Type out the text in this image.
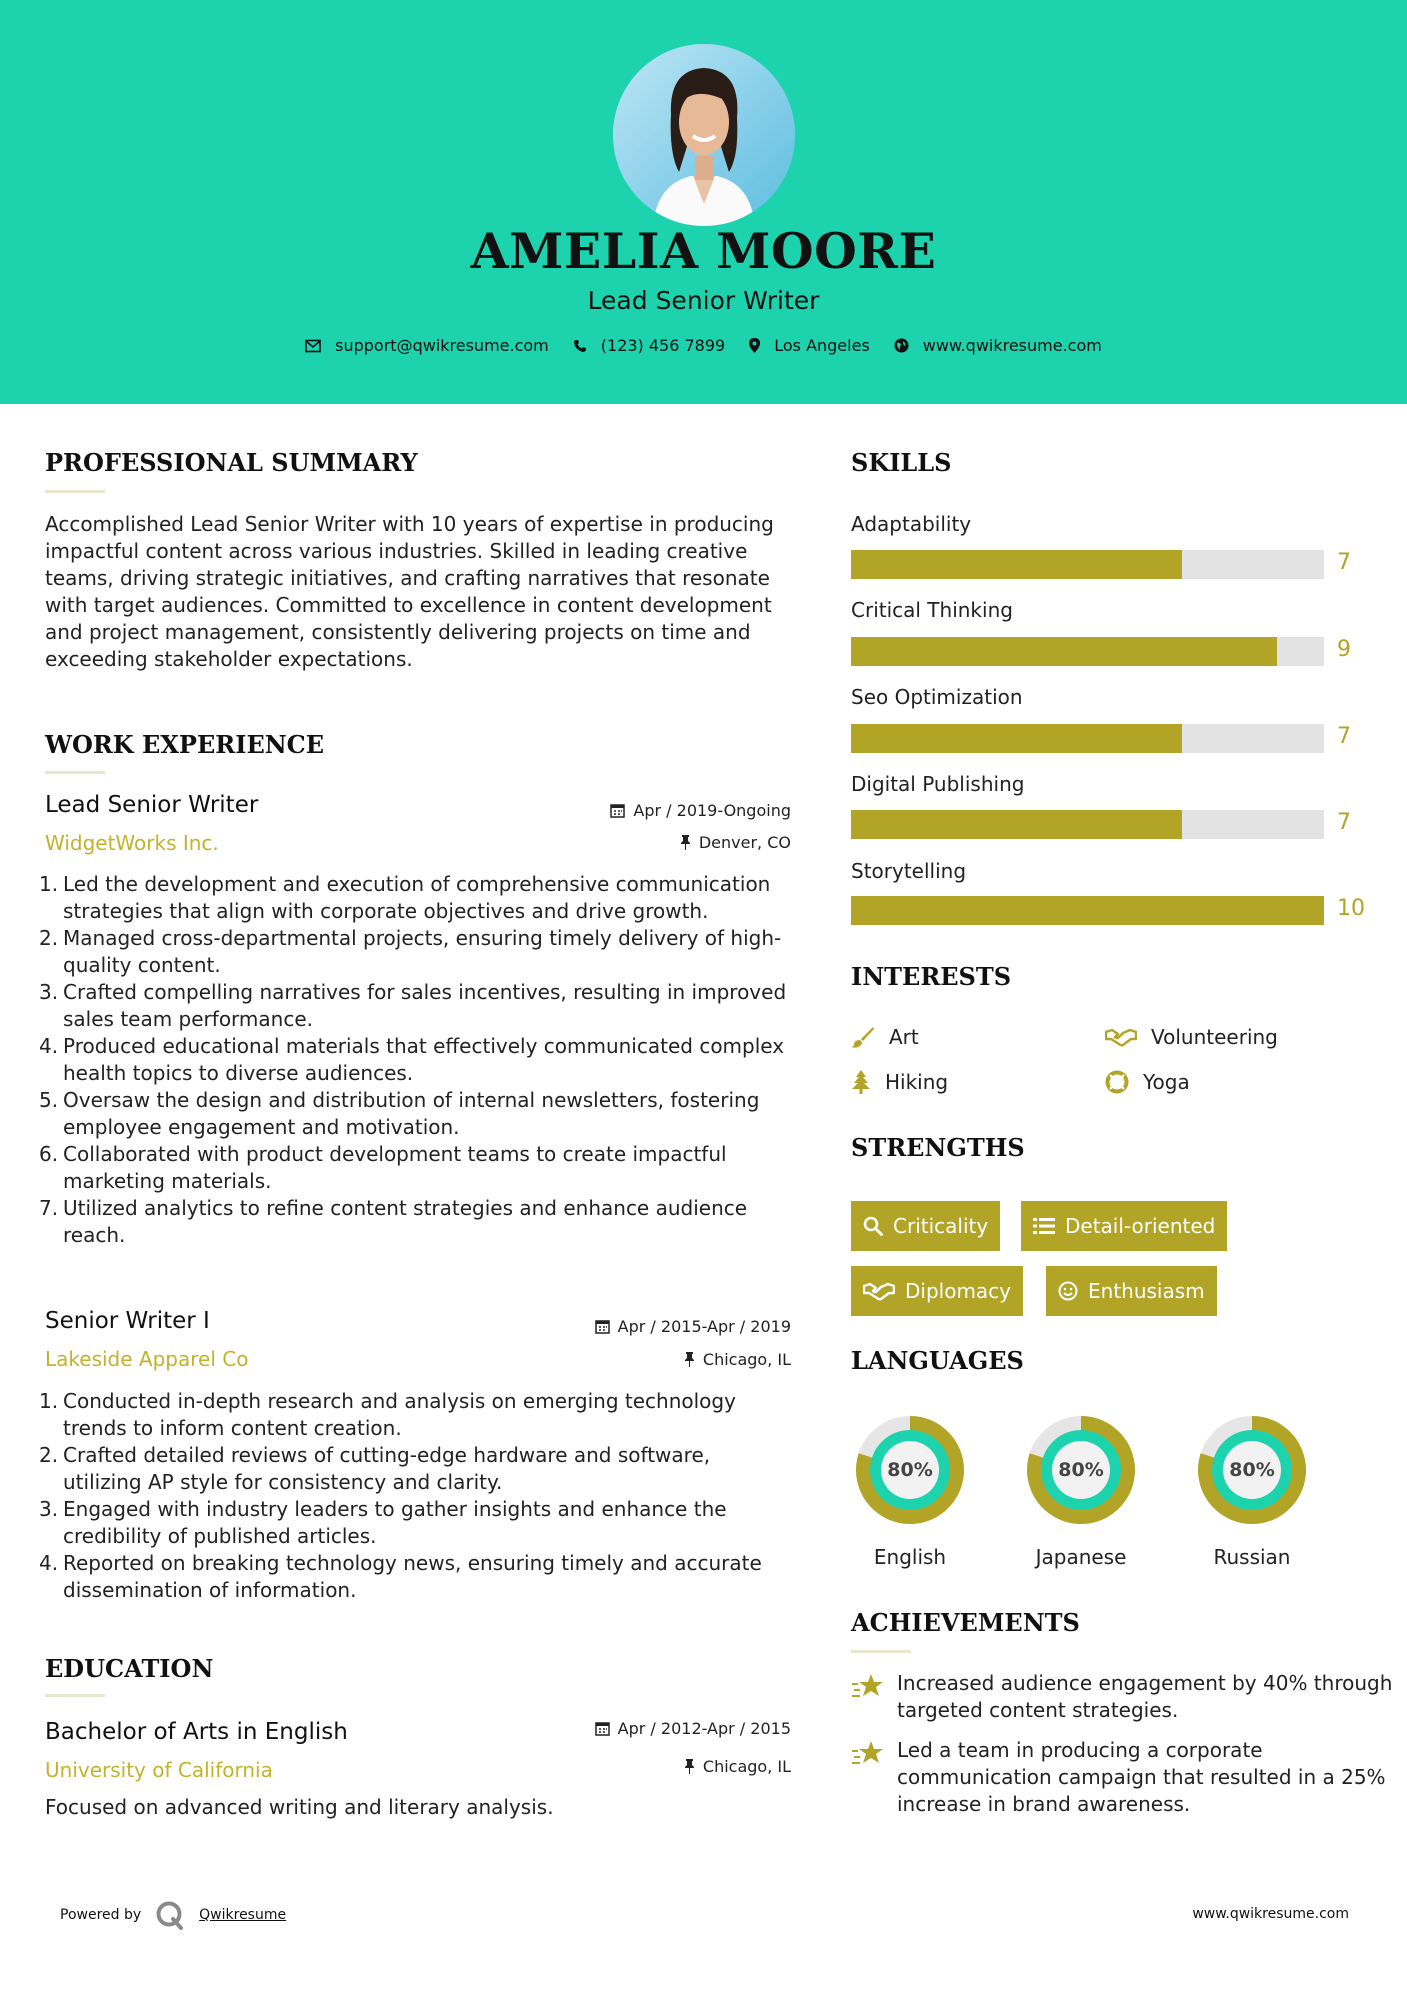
AMELIA MOORE
Lead Senior Writer
support@qwikresume.com	(123) 456 7899	Los Angeles	www.qwikresume.com
PROFESSIONAL SUMMARY
Accomplished Lead Senior Writer with 10 years of expertise in producing impactful content across various industries. Skilled in leading creative teams, driving strategic initiatives, and crafting narratives that resonate with target audiences. Committed to excellence in content development and project management, consistently delivering projects on time and exceeding stakeholder expectations.
WORK EXPERIENCE
Lead Senior Writer
WidgetWorks Inc.
Apr / 2019-Ongoing
Denver, CO
1. Led the development and execution of comprehensive communication strategies that align with corporate objectives and drive growth.
2. Managed cross-departmental projects, ensuring timely delivery of high-quality content.
3. Crafted compelling narratives for sales incentives, resulting in improved sales team performance.
4. Produced educational materials that effectively communicated complex health topics to diverse audiences.
5. Oversaw the design and distribution of internal newsletters, fostering employee engagement and motivation.
6. Collaborated with product development teams to create impactful marketing materials.
7. Utilized analytics to refine content strategies and enhance audience reach.
Senior Writer I
Lakeside Apparel Co
Apr / 2015-Apr / 2019
Chicago, IL
1. Conducted in-depth research and analysis on emerging technology trends to inform content creation.
2. Crafted detailed reviews of cutting-edge hardware and software, utilizing AP style for consistency and clarity.
3. Engaged with industry leaders to gather insights and enhance the credibility of published articles.
4. Reported on breaking technology news, ensuring timely and accurate dissemination of information.
EDUCATION
Bachelor of Arts in English
University of California
Apr / 2012-Apr / 2015
Chicago, IL
Focused on advanced writing and literary analysis.
SKILLS
Adaptability
7
Critical Thinking
9
Seo Optimization
7
Digital Publishing
7
Storytelling
10
INTERESTS
Art	Volunteering
Hiking	Yoga
STRENGTHS
Criticality	Detail-oriented
Diplomacy	Enthusiasm
LANGUAGES
80%
English
80%
Japanese
80%
Russian
ACHIEVEMENTS
Increased audience engagement by 40% through targeted content strategies.
Led a team in producing a corporate communication campaign that resulted in a 25% increase in brand awareness.
Powered by	Qwikresume	www.qwikresume.com
